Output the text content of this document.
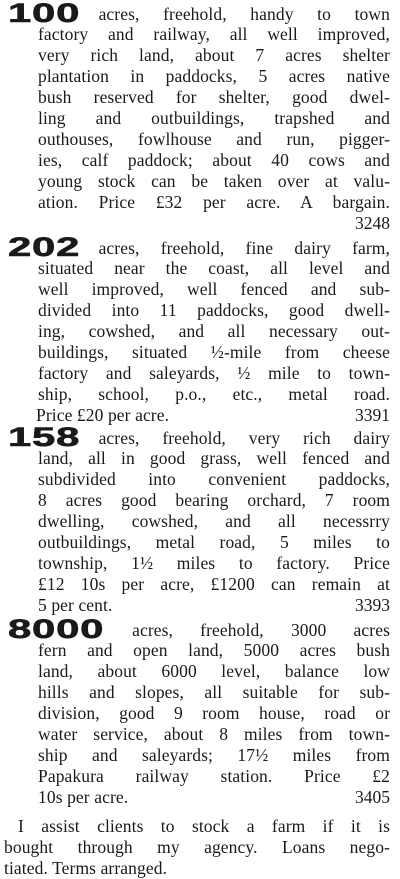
100 acres, freehold, handy to town
factory and railway, all well improved,
very rich land, about 7 acres shelter
plantation in paddocks, 5 acres native
bush reserved for shelter, good dwel-
ling and outbuildings, trapshed and
outhouses, fowlhouse and run, pigger-
ies, calf paddock; about 40 cows and
young stock can be taken over at valu-
ation. Price £32 per acre. A bargain.
3248
202 acres, freehold, fine dairy farm,
situated near the coast, all level and
well improved, well fenced and sub-
divided into 11 paddocks, good dwell-
ing, cowshed, and all necessary out-
buildings, situated ½-mile from cheese
factory and saleyards, ½ mile to town-
ship, school, p.o., etc., metal road.
Price £20 per acre.	3391
158 acres, freehold, very rich dairy
land, all in good grass, well fenced and
subdivided into convenient paddocks,
8 acres good bearing orchard, 7 room
dwelling, cowshed, and all necessrry
outbuildings, metal road, 5 miles to
township, 1½ miles to factory. Price
£12 10s per acre, £1200 can remain at
5 per cent.	3393
8000 acres, freehold, 3000 acres
fern and open land, 5000 acres bush
land, about 6000 level, balance low
hills and slopes, all suitable for sub-
division, good 9 room house, road or
water service, about 8 miles from town-
ship and saleyards; 17½ miles from
Papakura railway station. Price £2
10s per acre.	3405
I assist clients to stock a farm if it is
bought through my agency. Loans nego-
tiated. Terms arranged.
